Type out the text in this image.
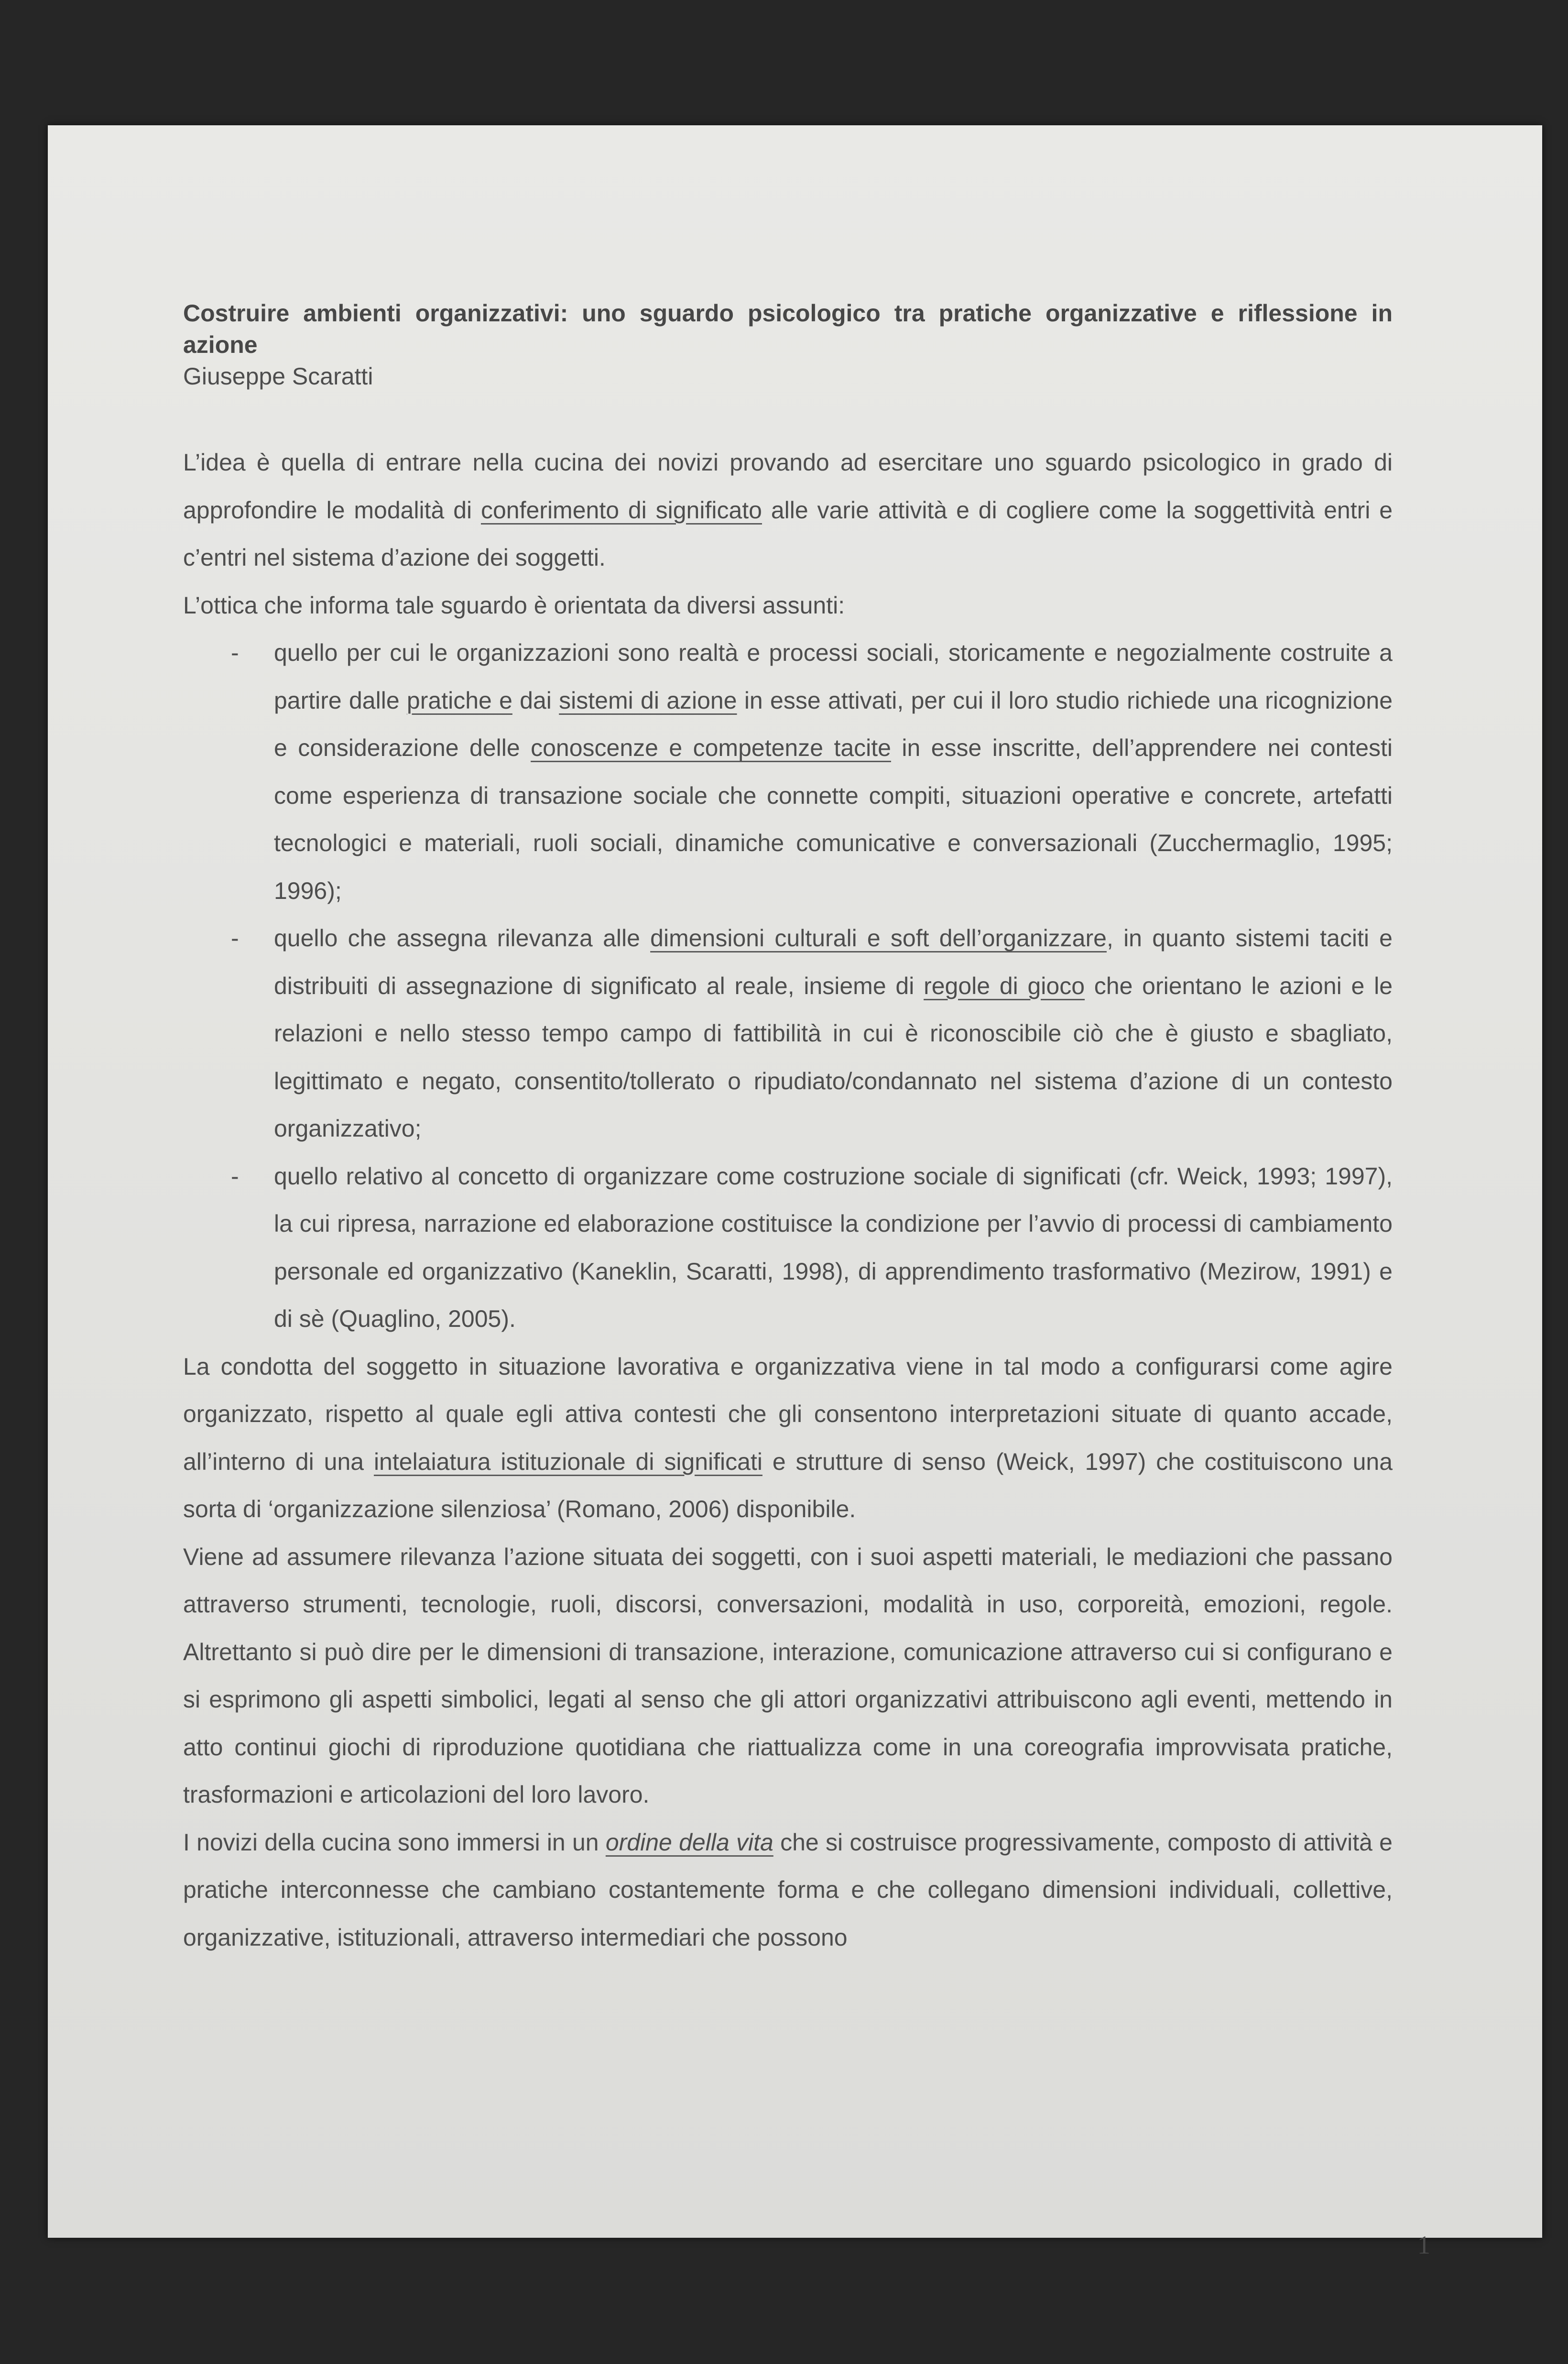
Costruire ambienti organizzativi: uno sguardo psicologico tra pratiche organizzative e riflessione in azione

Giuseppe Scaratti

L’idea è quella di entrare nella cucina dei novizi provando ad esercitare uno sguardo psicologico in grado di approfondire le modalità di conferimento di significato alle varie attività e di cogliere come la soggettività entri e c’entri nel sistema d’azione dei soggetti.

L’ottica che informa tale sguardo è orientata da diversi assunti:

- quello per cui le organizzazioni sono realtà e processi sociali, storicamente e negozialmente costruite a partire dalle pratiche e dai sistemi di azione in esse attivati, per cui il loro studio richiede una ricognizione e considerazione delle conoscenze e competenze tacite in esse inscritte, dell’apprendere nei contesti come esperienza di transazione sociale che connette compiti, situazioni operative e concrete, artefatti tecnologici e materiali, ruoli sociali, dinamiche comunicative e conversazionali (Zucchermaglio, 1995; 1996);
- quello che assegna rilevanza alle dimensioni culturali e soft dell’organizzare, in quanto sistemi taciti e distribuiti di assegnazione di significato al reale, insieme di regole di gioco che orientano le azioni e le relazioni e nello stesso tempo campo di fattibilità in cui è riconoscibile ciò che è giusto e sbagliato, legittimato e negato, consentito/tollerato o ripudiato/condannato nel sistema d’azione di un contesto organizzativo;
- quello relativo al concetto di organizzare come costruzione sociale di significati (cfr. Weick, 1993; 1997), la cui ripresa, narrazione ed elaborazione costituisce la condizione per l’avvio di processi di cambiamento personale ed organizzativo (Kaneklin, Scaratti, 1998), di apprendimento trasformativo (Mezirow, 1991) e di sè (Quaglino, 2005).

La condotta del soggetto in situazione lavorativa e organizzativa viene in tal modo a configurarsi come agire organizzato, rispetto al quale egli attiva contesti che gli consentono interpretazioni situate di quanto accade, all’interno di una intelaiatura istituzionale di significati e strutture di senso (Weick, 1997) che costituiscono una sorta di ‘organizzazione silenziosa’ (Romano, 2006) disponibile.

Viene ad assumere rilevanza l’azione situata dei soggetti, con i suoi aspetti materiali, le mediazioni che passano attraverso strumenti, tecnologie, ruoli, discorsi, conversazioni, modalità in uso, corporeità, emozioni, regole. Altrettanto si può dire per le dimensioni di transazione, interazione, comunicazione attraverso cui si configurano e si esprimono gli aspetti simbolici, legati al senso che gli attori organizzativi attribuiscono agli eventi, mettendo in atto continui giochi di riproduzione quotidiana che riattualizza come in una coreografia improvvisata pratiche, trasformazioni e articolazioni del loro lavoro.

I novizi della cucina sono immersi in un ordine della vita che si costruisce progressivamente, composto di attività e pratiche interconnesse che cambiano costantemente forma e che collegano dimensioni individuali, collettive, organizzative, istituzionali, attraverso intermediari che possono

1
